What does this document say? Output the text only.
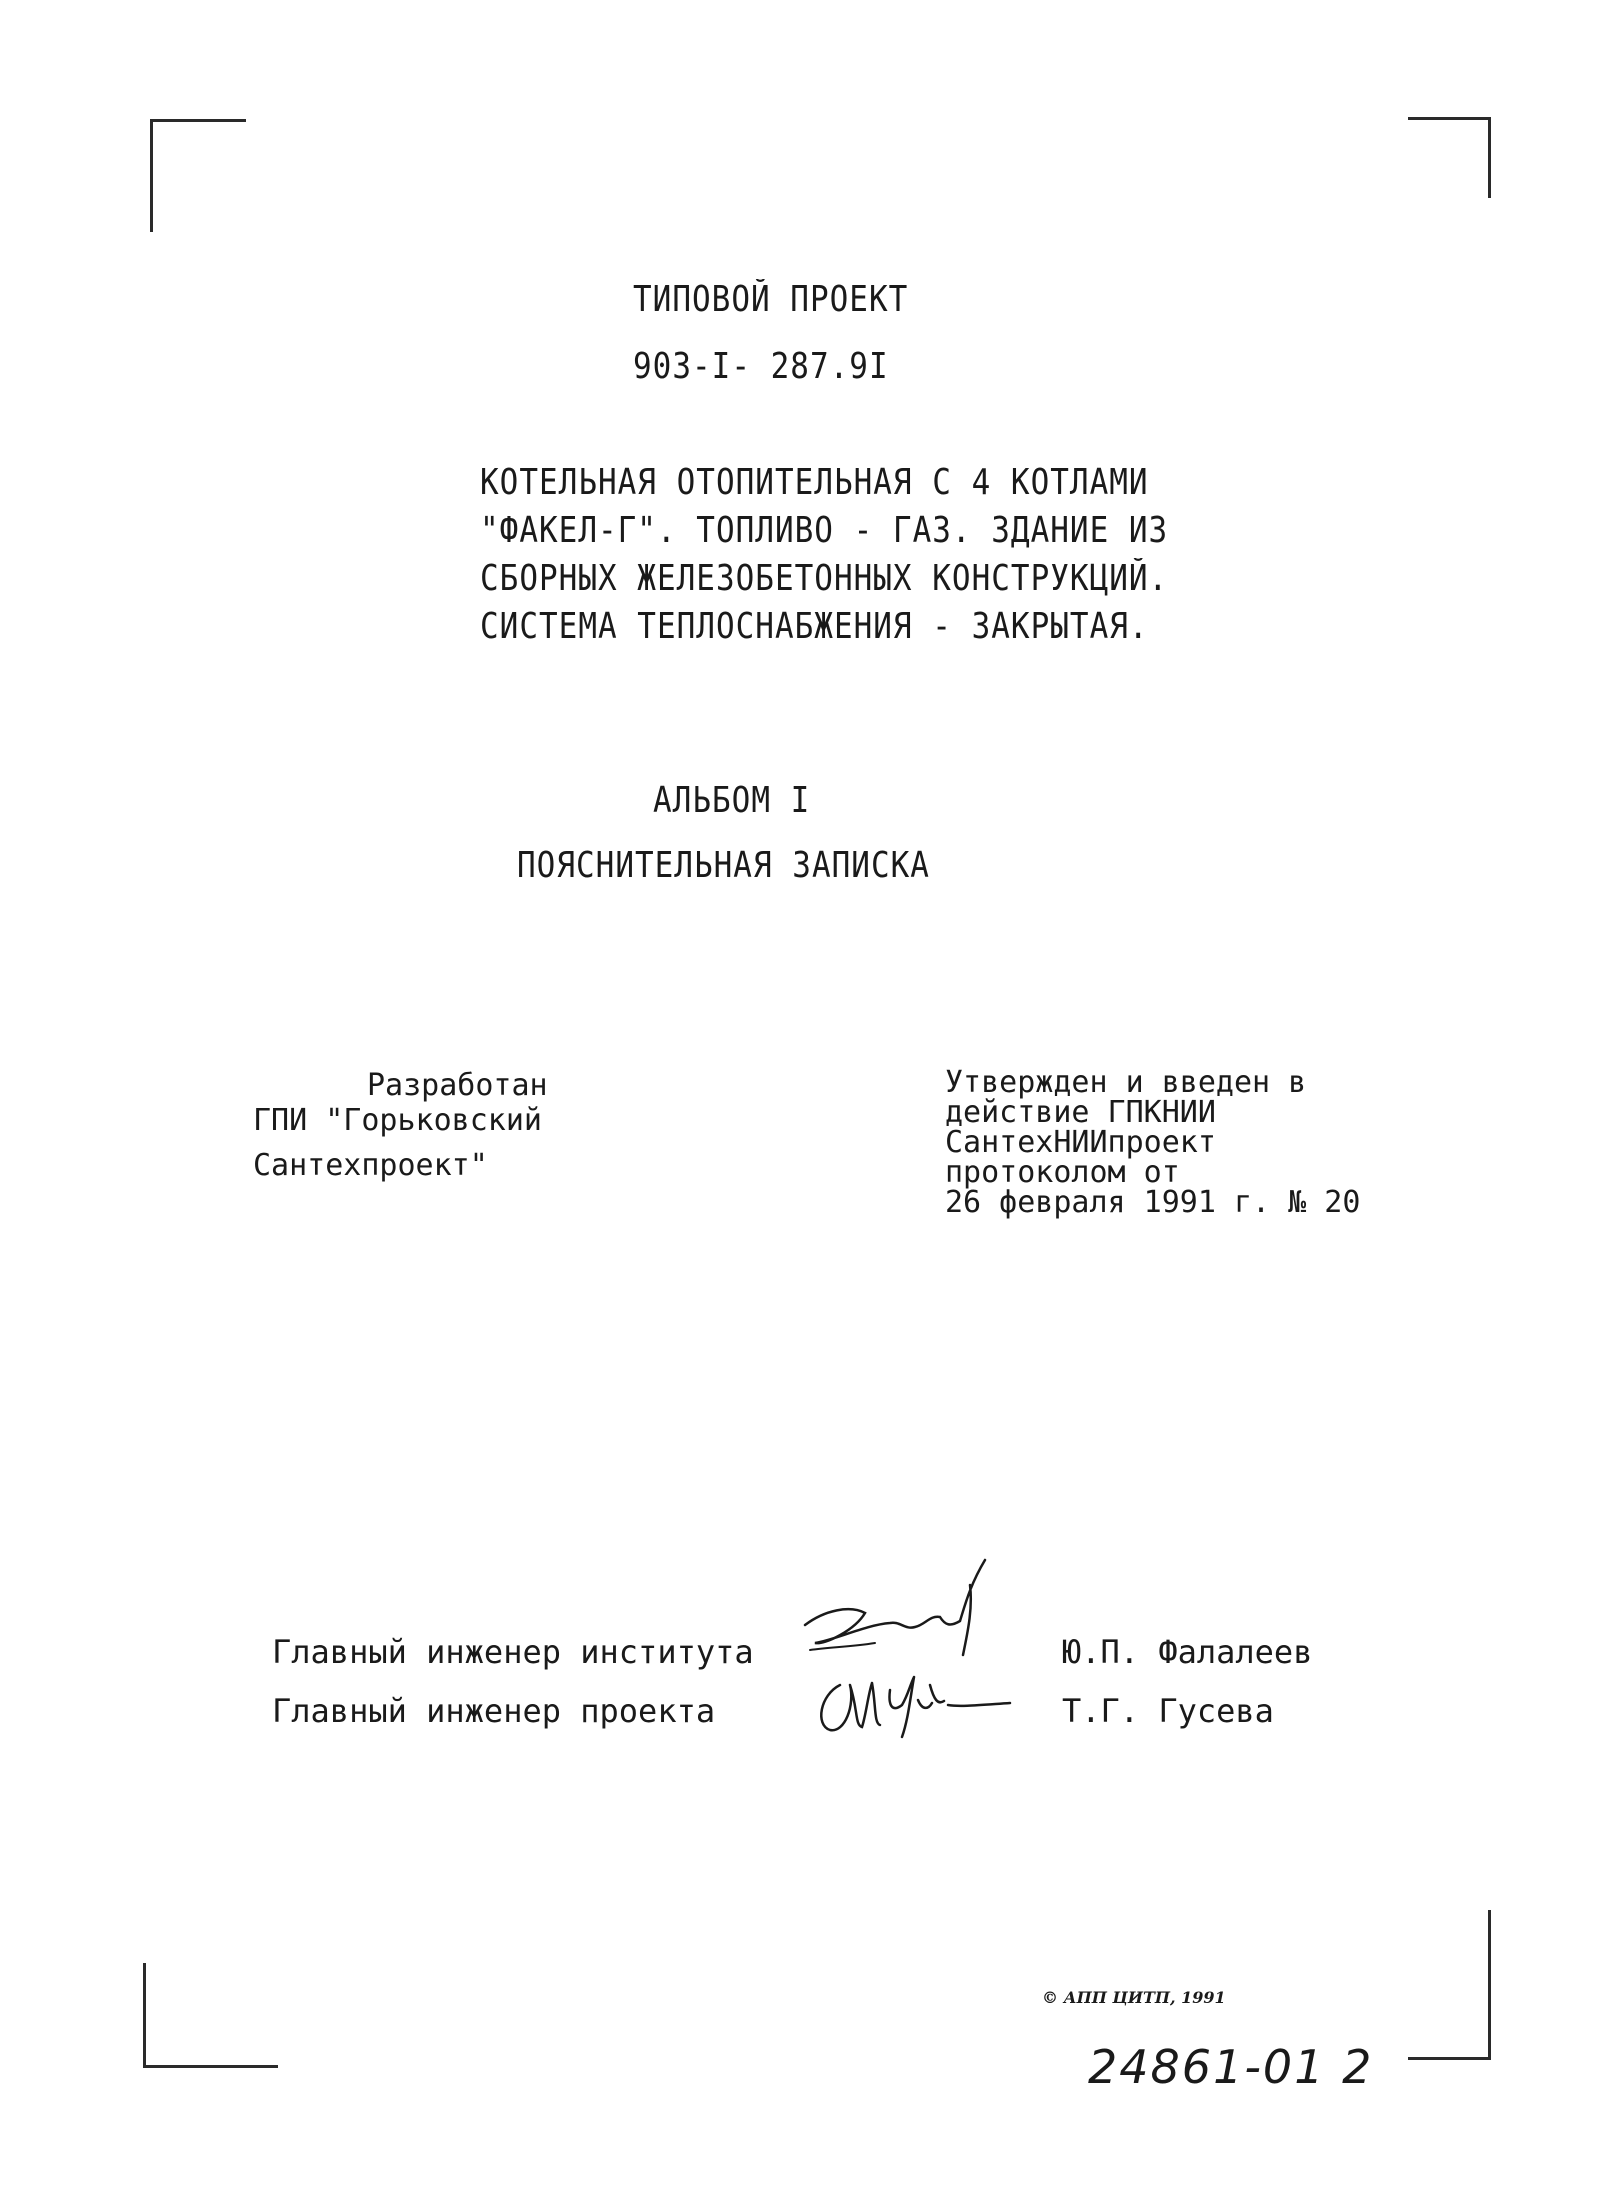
ТИПОВОЙ ПРОЕКТ
903-I- 287.9I
КОТЕЛЬНАЯ ОТОПИТЕЛЬНАЯ С 4 КОТЛАМИ
"ФАКЕЛ-Г". ТОПЛИВО - ГАЗ. ЗДАНИЕ ИЗ
СБОРНЫХ ЖЕЛЕЗОБЕТОННЫХ КОНСТРУКЦИЙ.
СИСТЕМА ТЕПЛОСНАБЖЕНИЯ - ЗАКРЫТАЯ.
АЛЬБОМ I
ПОЯСНИТЕЛЬНАЯ ЗАПИСКА
Разработан
ГПИ "Горьковский
Сантехпроект"
Утвержден и введен в
действие ГПКНИИ
СантехНИИпроект
протоколом от
26 февраля 1991 г. № 20
Главный инженер института	Ю.П. Фалалеев
Главный инженер проекта	Т.Г. Гусева
© АПП ЦИТП, 1991
24861-01 2
